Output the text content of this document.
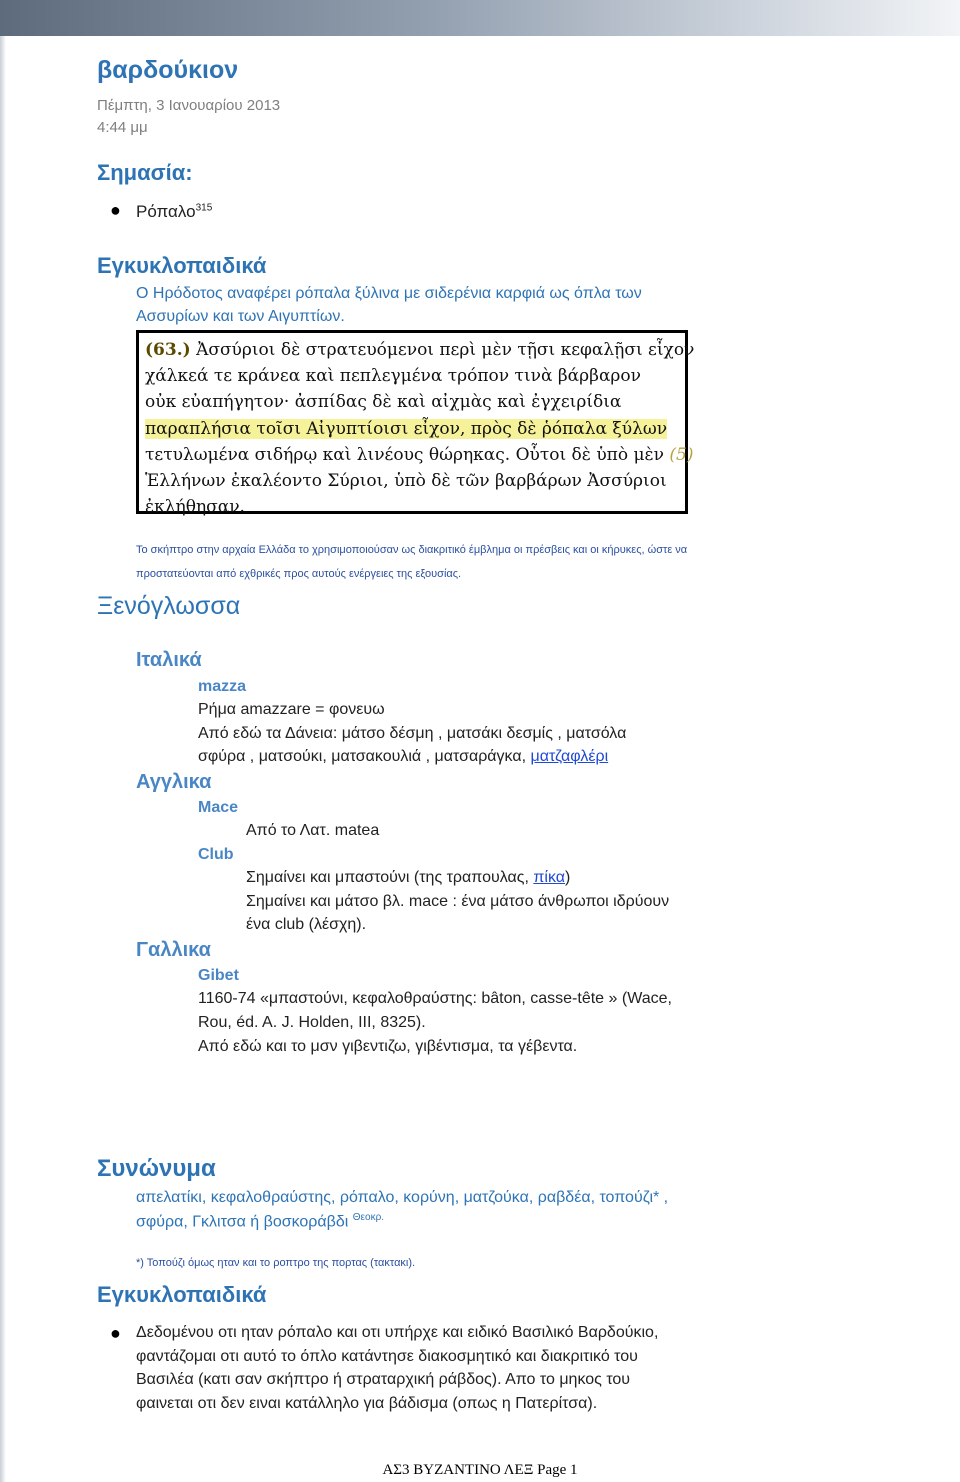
βαρδούκιον
Πέμπτη, 3 Ιανουαρίου 2013
4:44 μμ
Σημασία:
● Ρόπαλο$^{315}$
Εγκυκλοπαιδικά
Ο Ηρόδοτος αναφέρει ρόπαλα ξύλινα με σιδερένια καρφιά ως όπλα των
Ασσυρίων και των Αιγυπτίων.
(63.) Ἀσσύριοι δὲ στρατευόμενοι περὶ μὲν τῇσι κεφαλῇσι εἶχον
χάλκεά τε κράνεα καὶ πεπλεγμένα τρόπον τινὰ βάρβαρον
οὐκ εὐαπήγητον· ἀσπίδας δὲ καὶ αἰχμὰς καὶ ἐγχειρίδια
παραπλήσια τοῖσι Αἰγυπτίοισι εἶχον, πρὸς δὲ ῥόπαλα ξύλων
τετυλωμένα σιδήρῳ καὶ λινέους θώρηκας. Οὗτοι δὲ ὑπὸ μὲν (5)
Ἑλλήνων ἐκαλέοντο Σύριοι, ὑπὸ δὲ τῶν βαρβάρων Ἀσσύριοι
ἐκλήθησαν.
Το σκήπτρο στην αρχαία Ελλάδα το χρησιμοποιούσαν ως διακριτικό έμβλημα οι πρέσβεις και οι κήρυκες, ώστε να
προστατεύονται από εχθρικές προς αυτούς ενέργειες της εξουσίας.
Ξενόγλωσσα
Ιταλικά
mazza
Ρήμα amazzare = φονευω
Από εδώ τα Δάνεια: μάτσο δέσμη , ματσάκι δεσμίς , ματσόλα
σφύρα , ματσούκι, ματσακουλιά , ματσαράγκα, ματζαφλέρι
Αγγλικα
Mace
Από το Λατ. matea
Club
Σημαίνει και μπαστούνι (της τραπουλας, πίκα)
Σημαίνει και μάτσο βλ. mace : ένα μάτσο άνθρωποι ιδρύουν
ένα club (λέσχη).
Γαλλικα
Gibet
1160-74 «μπαστούνι, κεφαλοθραύστης: bâton, casse-tête » (Wace,
Rou, éd. A. J. Holden, III, 8325).
Από εδώ και το μσν γιβεντιζω, γιβέντισμα, τα γέβεντα.
Συνώνυμα
απελατίκι, κεφαλοθραύστης, ρόπαλο, κορύνη, ματζούκα, ραβδέα, τοπούζι* ,
σφύρα, Γκλιτσα ή βοσκοράβδι $^{\Theta\varepsilon o\kappa\rho.}$
*) Τοπούζι όμως ηταν και το ροπτρο της πορτας (τακτακι).
Εγκυκλοπαιδικά
● Δεδομένου οτι ηταν ρόπαλο και οτι υπήρχε και ειδικό Βασιλικό Βαρδούκιο,
φαντάζομαι οτι αυτό το όπλο κατάντησε διακοσμητικό και διακριτικό του
Βασιλέα (κατι σαν σκήπτρο ή στραταρχική ράβδος). Απο το μηκος του
φαινεται οτι δεν ειναι κατάλληλο για βάδισμα (οπως η Πατερίτσα).
ΑΣ3 ΒΥΖΑΝΤΙΝΟ ΛΕΞ Page 1
